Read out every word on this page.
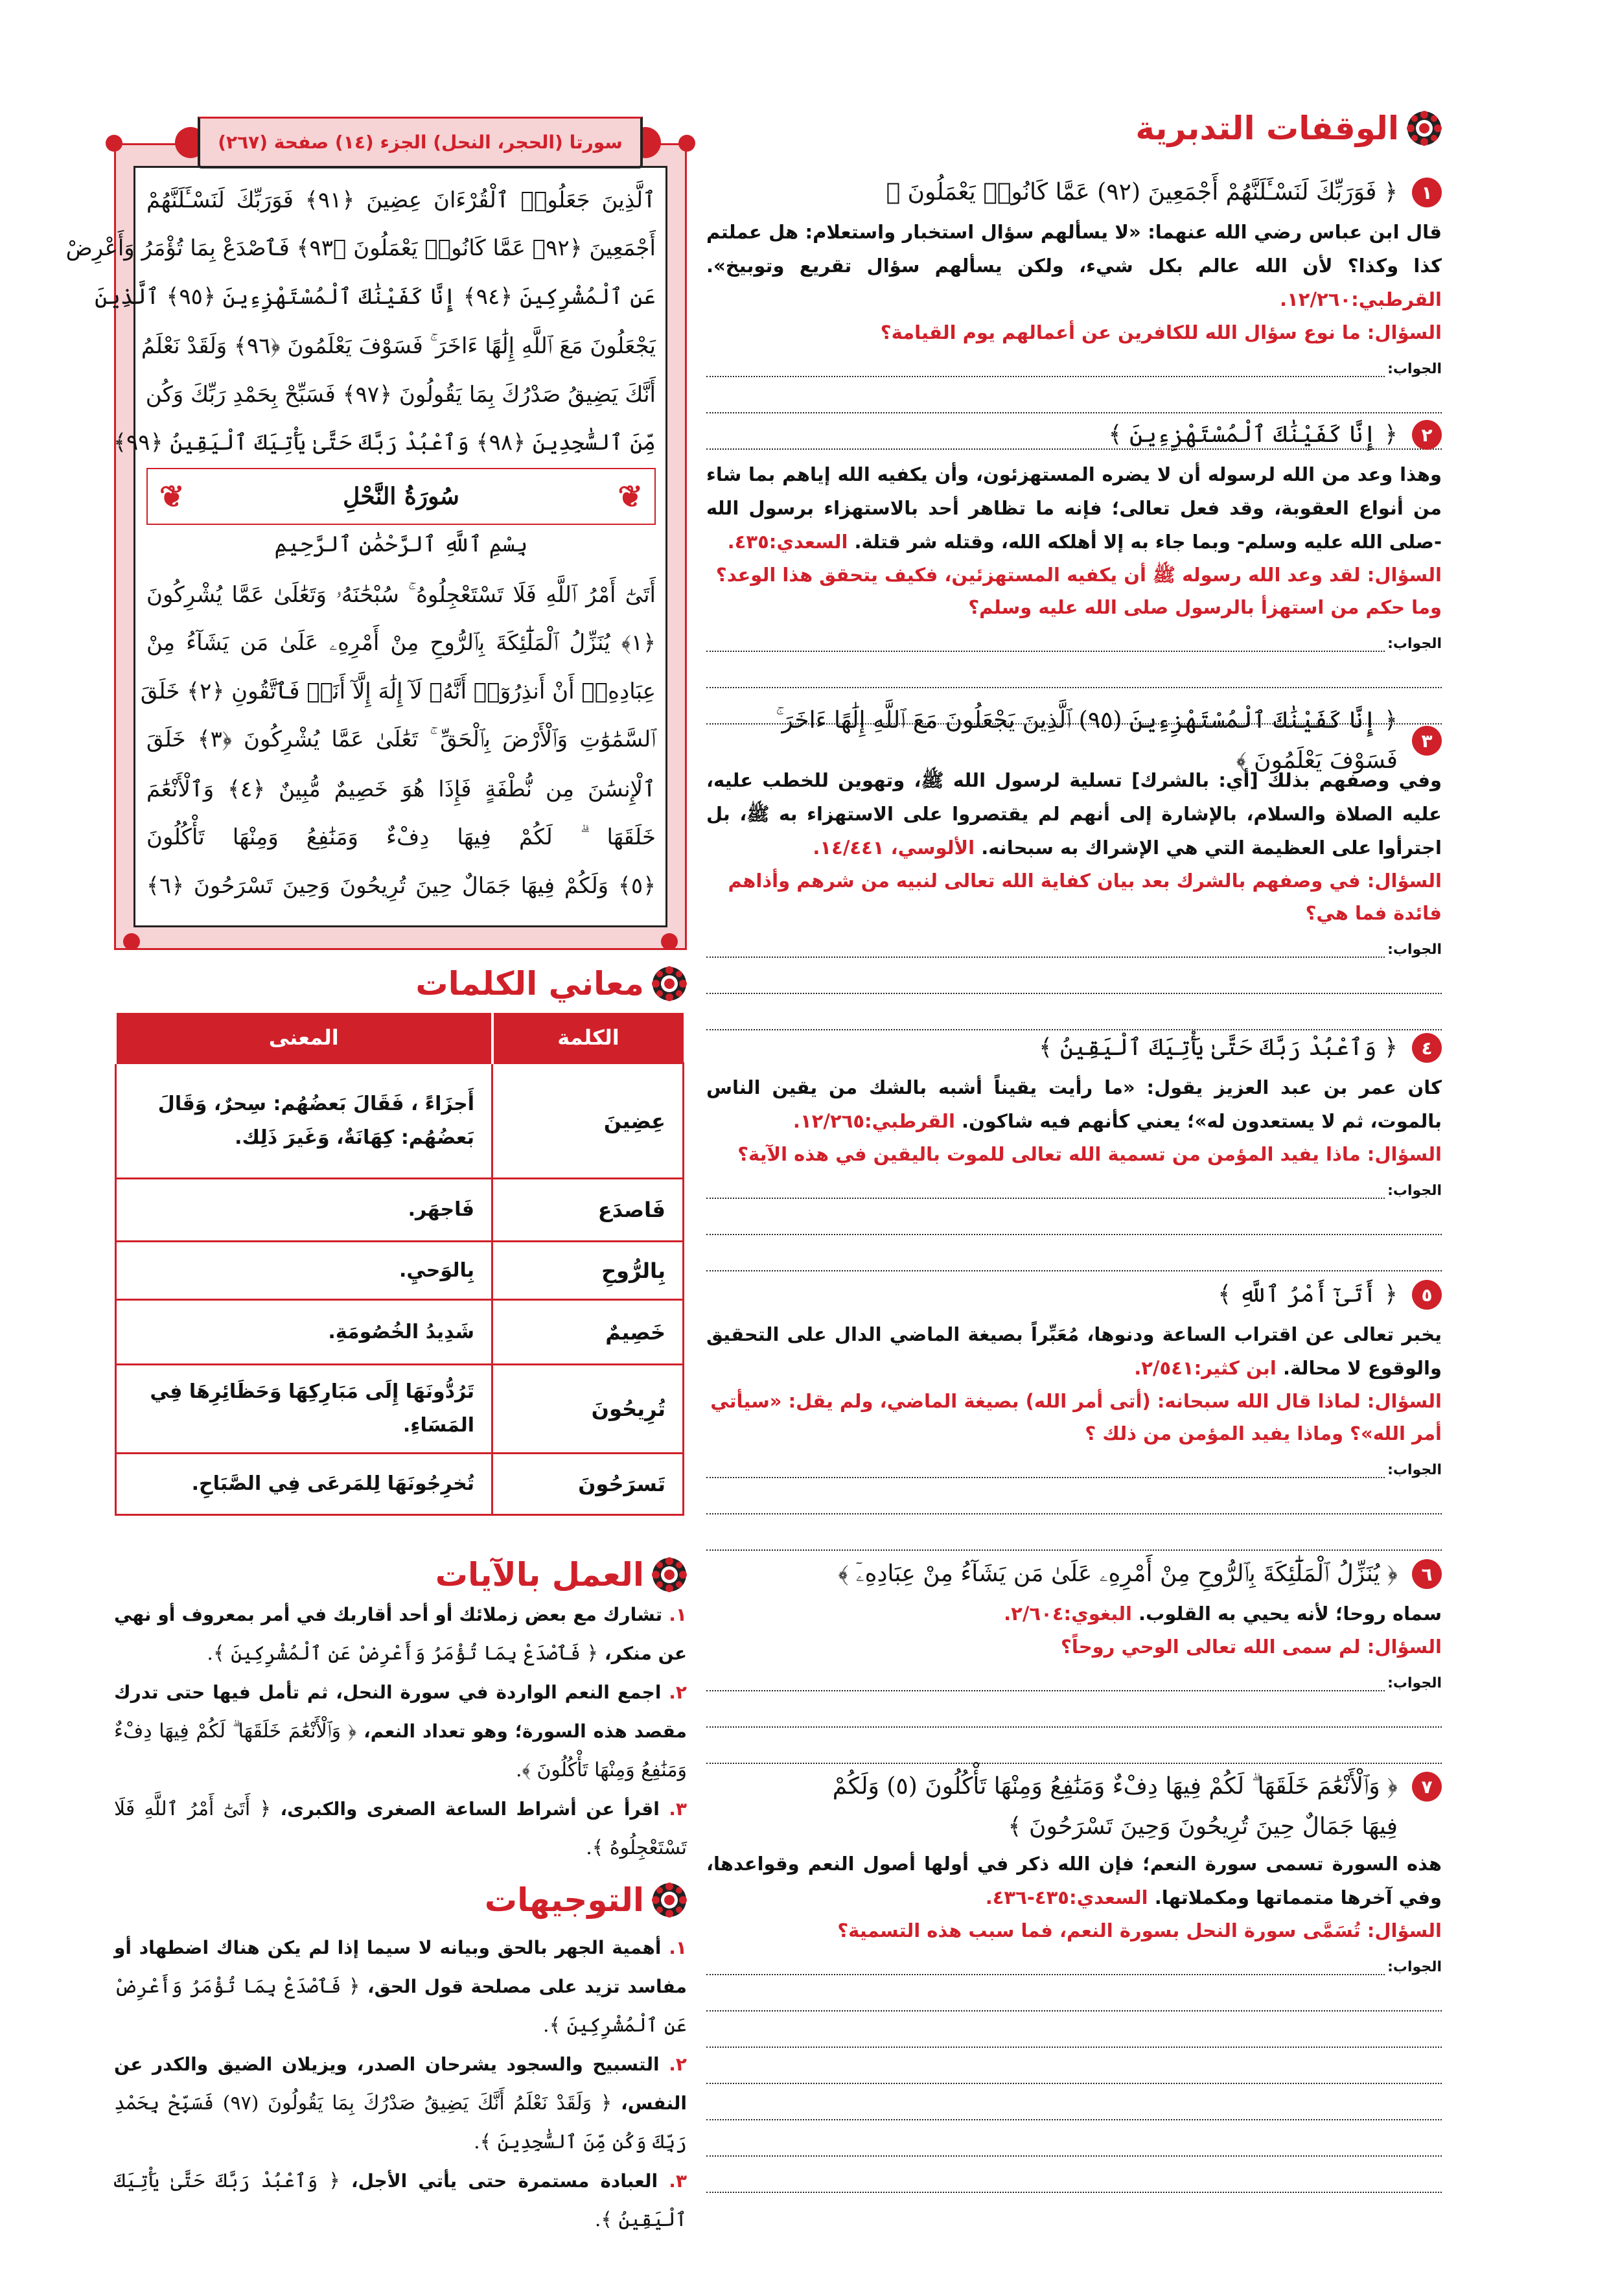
الوقفات التدبرية
١
﴿ فَوَرَبِّكَ لَنَسْـَٔلَنَّهُمْ أَجْمَعِينَ (٩٢) عَمَّا كَانُوا۟ يَعْمَلُونَ ﴾

قال ابن عباس رضي الله عنهما: «لا يسألهم سؤال استخبار واستعلام: هل عملتم كذا وكذا؟ لأن الله عالم بكل شيء، ولكن يسألهم سؤال تقريع وتوبيخ». القرطبي:١٢/٢٦٠.

السؤال: ما نوع سؤال الله للكافرين عن أعمالهم يوم القيامة؟

الجواب:
٢
﴿ إِنَّا كَفَيْنَٰكَ ٱلْمُسْتَهْزِءِينَ ﴾

وهذا وعد من الله لرسوله أن لا يضره المستهزئون، وأن يكفيه الله إياهم بما شاء من أنواع العقوبة، وقد فعل تعالى؛ فإنه ما تظاهر أحد بالاستهزاء برسول الله -صلى الله عليه وسلم- وبما جاء به إلا أهلكه الله، وقتله شر قتلة. السعدي:٤٣٥.

السؤال: لقد وعد الله رسوله ﷺ أن يكفيه المستهزئين، فكيف يتحقق هذا الوعد؟ وما حكم من استهزأ بالرسول صلى الله عليه وسلم؟

الجواب:
٣
﴿ إِنَّا كَفَيْنَٰكَ ٱلْمُسْتَهْزِءِينَ (٩٥) ٱلَّذِينَ يَجْعَلُونَ مَعَ ٱللَّهِ إِلَٰهًا ءَاخَرَ ۚ فَسَوْفَ يَعْلَمُونَ ﴾

وفي وصفهم بذلك [أي: بالشرك] تسلية لرسول الله ﷺ، وتهوين للخطب عليه، عليه الصلاة والسلام، بالإشارة إلى أنهم لم يقتصروا على الاستهزاء به ﷺ، بل اجترأوا على العظيمة التي هي الإشراك به سبحانه. الألوسي، ١٤/٤٤١.

السؤال: في وصفهم بالشرك بعد بيان كفاية الله تعالى لنبيه من شرهم وأذاهم فائدة فما هي؟

الجواب:
٤
﴿ وَٱعْبُدْ رَبَّكَ حَتَّىٰ يَأْتِيَكَ ٱلْيَقِينُ ﴾

كان عمر بن عبد العزيز يقول: «ما رأيت يقيناً أشبه بالشك من يقين الناس بالموت، ثم لا يستعدون له»؛ يعني كأنهم فيه شاكون. القرطبي:١٢/٢٦٥.

السؤال: ماذا يفيد المؤمن من تسمية الله تعالى للموت باليقين في هذه الآية؟

الجواب:
٥
﴿ أَتَىٰٓ أَمْرُ ٱللَّهِ ﴾

يخبر تعالى عن اقتراب الساعة ودنوها، مُعَبِّراً بصيغة الماضي الدال على التحقيق والوقوع لا محالة. ابن كثير:٢/٥٤١.

السؤال: لماذا قال الله سبحانه: (أتى أمر الله) بصيغة الماضي، ولم يقل: «سيأتي أمر الله»؟ وماذا يفيد المؤمن من ذلك ؟

الجواب:
٦
﴿ يُنَزِّلُ ٱلْمَلَٰٓئِكَةَ بِٱلرُّوحِ مِنْ أَمْرِهِۦ عَلَىٰ مَن يَشَآءُ مِنْ عِبَادِهِۦٓ ﴾

سماه روحا؛ لأنه يحيي به القلوب. البغوي:٢/٦٠٤.

السؤال: لم سمى الله تعالى الوحي روحاً؟

الجواب:
٧
﴿ وَٱلْأَنْعَٰمَ خَلَقَهَا ۗ لَكُمْ فِيهَا دِفْءٌ وَمَنَٰفِعُ وَمِنْهَا تَأْكُلُونَ (٥) وَلَكُمْ
فِيهَا جَمَالٌ حِينَ تُرِيحُونَ وَحِينَ تَسْرَحُونَ ﴾

هذه السورة تسمى سورة النعم؛ فإن الله ذكر في أولها أصول النعم وقواعدها، وفي آخرها متمماتها ومكملاتها. السعدي:٤٣٥-٤٣٦.

السؤال: تُسَمَّى سورة النحل بسورة النعم، فما سبب هذه التسمية؟

الجواب:
سورتا (الحجر، النحل) الجزء (١٤) صفحة (٢٦٧)
ٱلَّذِينَ جَعَلُوا۟ ٱلْقُرْءَانَ عِضِينَ ﴿٩١﴾ فَوَرَبِّكَ لَنَسْـَٔلَنَّهُمْ
أَجْمَعِينَ ﴿٩٢﴾ عَمَّا كَانُوا۟ يَعْمَلُونَ ﴿٩٣﴾ فَٱصْدَعْ بِمَا تُؤْمَرُ وَأَعْرِضْ
عَنِ ٱلْمُشْرِكِينَ ﴿٩٤﴾ إِنَّا كَفَيْنَٰكَ ٱلْمُسْتَهْزِءِينَ ﴿٩٥﴾ ٱلَّذِينَ
يَجْعَلُونَ مَعَ ٱللَّهِ إِلَٰهًا ءَاخَرَ ۚ فَسَوْفَ يَعْلَمُونَ ﴿٩٦﴾ وَلَقَدْ نَعْلَمُ
أَنَّكَ يَضِيقُ صَدْرُكَ بِمَا يَقُولُونَ ﴿٩٧﴾ فَسَبِّحْ بِحَمْدِ رَبِّكَ وَكُن
مِّنَ ٱلسَّٰجِدِينَ ﴿٩٨﴾ وَٱعْبُدْ رَبَّكَ حَتَّىٰ يَأْتِيَكَ ٱلْيَقِينُ ﴿٩٩﴾
❦
سُورَةُ النَّحْلِ
❦
بِسْمِ ٱللَّهِ ٱلرَّحْمَٰنِ ٱلرَّحِيمِ
أَتَىٰٓ أَمْرُ ٱللَّهِ فَلَا تَسْتَعْجِلُوهُ ۚ سُبْحَٰنَهُۥ وَتَعَٰلَىٰ عَمَّا يُشْرِكُونَ
﴿١﴾ يُنَزِّلُ ٱلْمَلَٰٓئِكَةَ بِٱلرُّوحِ مِنْ أَمْرِهِۦ عَلَىٰ مَن يَشَآءُ مِنْ
عِبَادِهِۦٓ أَنْ أَنذِرُوٓا۟ أَنَّهُۥ لَآ إِلَٰهَ إِلَّآ أَنَا۠ فَٱتَّقُونِ ﴿٢﴾ خَلَقَ
ٱلسَّمَٰوَٰتِ وَٱلْأَرْضَ بِٱلْحَقِّ ۚ تَعَٰلَىٰ عَمَّا يُشْرِكُونَ ﴿٣﴾ خَلَقَ
ٱلْإِنسَٰنَ مِن نُّطْفَةٍ فَإِذَا هُوَ خَصِيمٌ مُّبِينٌ ﴿٤﴾ وَٱلْأَنْعَٰمَ
خَلَقَهَا ۗ لَكُمْ فِيهَا دِفْءٌ وَمَنَٰفِعُ وَمِنْهَا تَأْكُلُونَ
﴿٥﴾ وَلَكُمْ فِيهَا جَمَالٌ حِينَ تُرِيحُونَ وَحِينَ تَسْرَحُونَ ﴿٦﴾
معاني الكلمات
الكلمة	المعنى
عِضِينَ	أَجزَاءً ، فَقَالَ بَعضُهُم: سِحرٌ، وَقَالَ بَعضُهُم: كِهَانَةٌ، وَغَيرَ ذَلِك.
فَاصدَع	فَاجهَر.
بِالرُّوحِ	بِالوَحيِ.
خَصِيمٌ	شَدِيدُ الخُصُومَةِ.
تُرِيحُونَ	تَرُدُّونَهَا إِلَى مَبَارِكِهَا وَحَظَائِرِهَا فِي المَسَاءِ.
تَسرَحُونَ	تُخرِجُونَهَا لِلمَرعَى فِي الصَّبَاحِ.
العمل بالآيات

١. تشارك مع بعض زملائك أو أحد أقاربك في أمر بمعروف أو نهي عن منكر، ﴿ فَٱصْدَعْ بِمَا تُؤْمَرُ وَأَعْرِضْ عَنِ ٱلْمُشْرِكِينَ ﴾.

٢. اجمع النعم الواردة في سورة النحل، ثم تأمل فيها حتى تدرك مقصد هذه السورة؛ وهو تعداد النعم، ﴿ وَٱلْأَنْعَٰمَ خَلَقَهَا ۗ لَكُمْ فِيهَا دِفْءٌ وَمَنَٰفِعُ وَمِنْهَا تَأْكُلُونَ ﴾.

٣. اقرأ عن أشراط الساعة الصغرى والكبرى، ﴿ أَتَىٰٓ أَمْرُ ٱللَّهِ فَلَا تَسْتَعْجِلُوهُ ﴾.

التوجيهات

١. أهمية الجهر بالحق وبيانه لا سيما إذا لم يكن هناك اضطهاد أو مفاسد تزيد على مصلحة قول الحق، ﴿ فَٱصْدَعْ بِمَا تُؤْمَرُ وَأَعْرِضْ عَنِ ٱلْمُشْرِكِينَ ﴾.

٢. التسبيح والسجود يشرحان الصدر، ويزيلان الضيق والكدر عن النفس، ﴿ وَلَقَدْ نَعْلَمُ أَنَّكَ يَضِيقُ صَدْرُكَ بِمَا يَقُولُونَ (٩٧) فَسَبِّحْ بِحَمْدِ رَبِّكَ وَكُن مِّنَ ٱلسَّٰجِدِينَ ﴾.

٣. العبادة مستمرة حتى يأتي الأجل، ﴿ وَٱعْبُدْ رَبَّكَ حَتَّىٰ يَأْتِيَكَ ٱلْيَقِينُ ﴾.
